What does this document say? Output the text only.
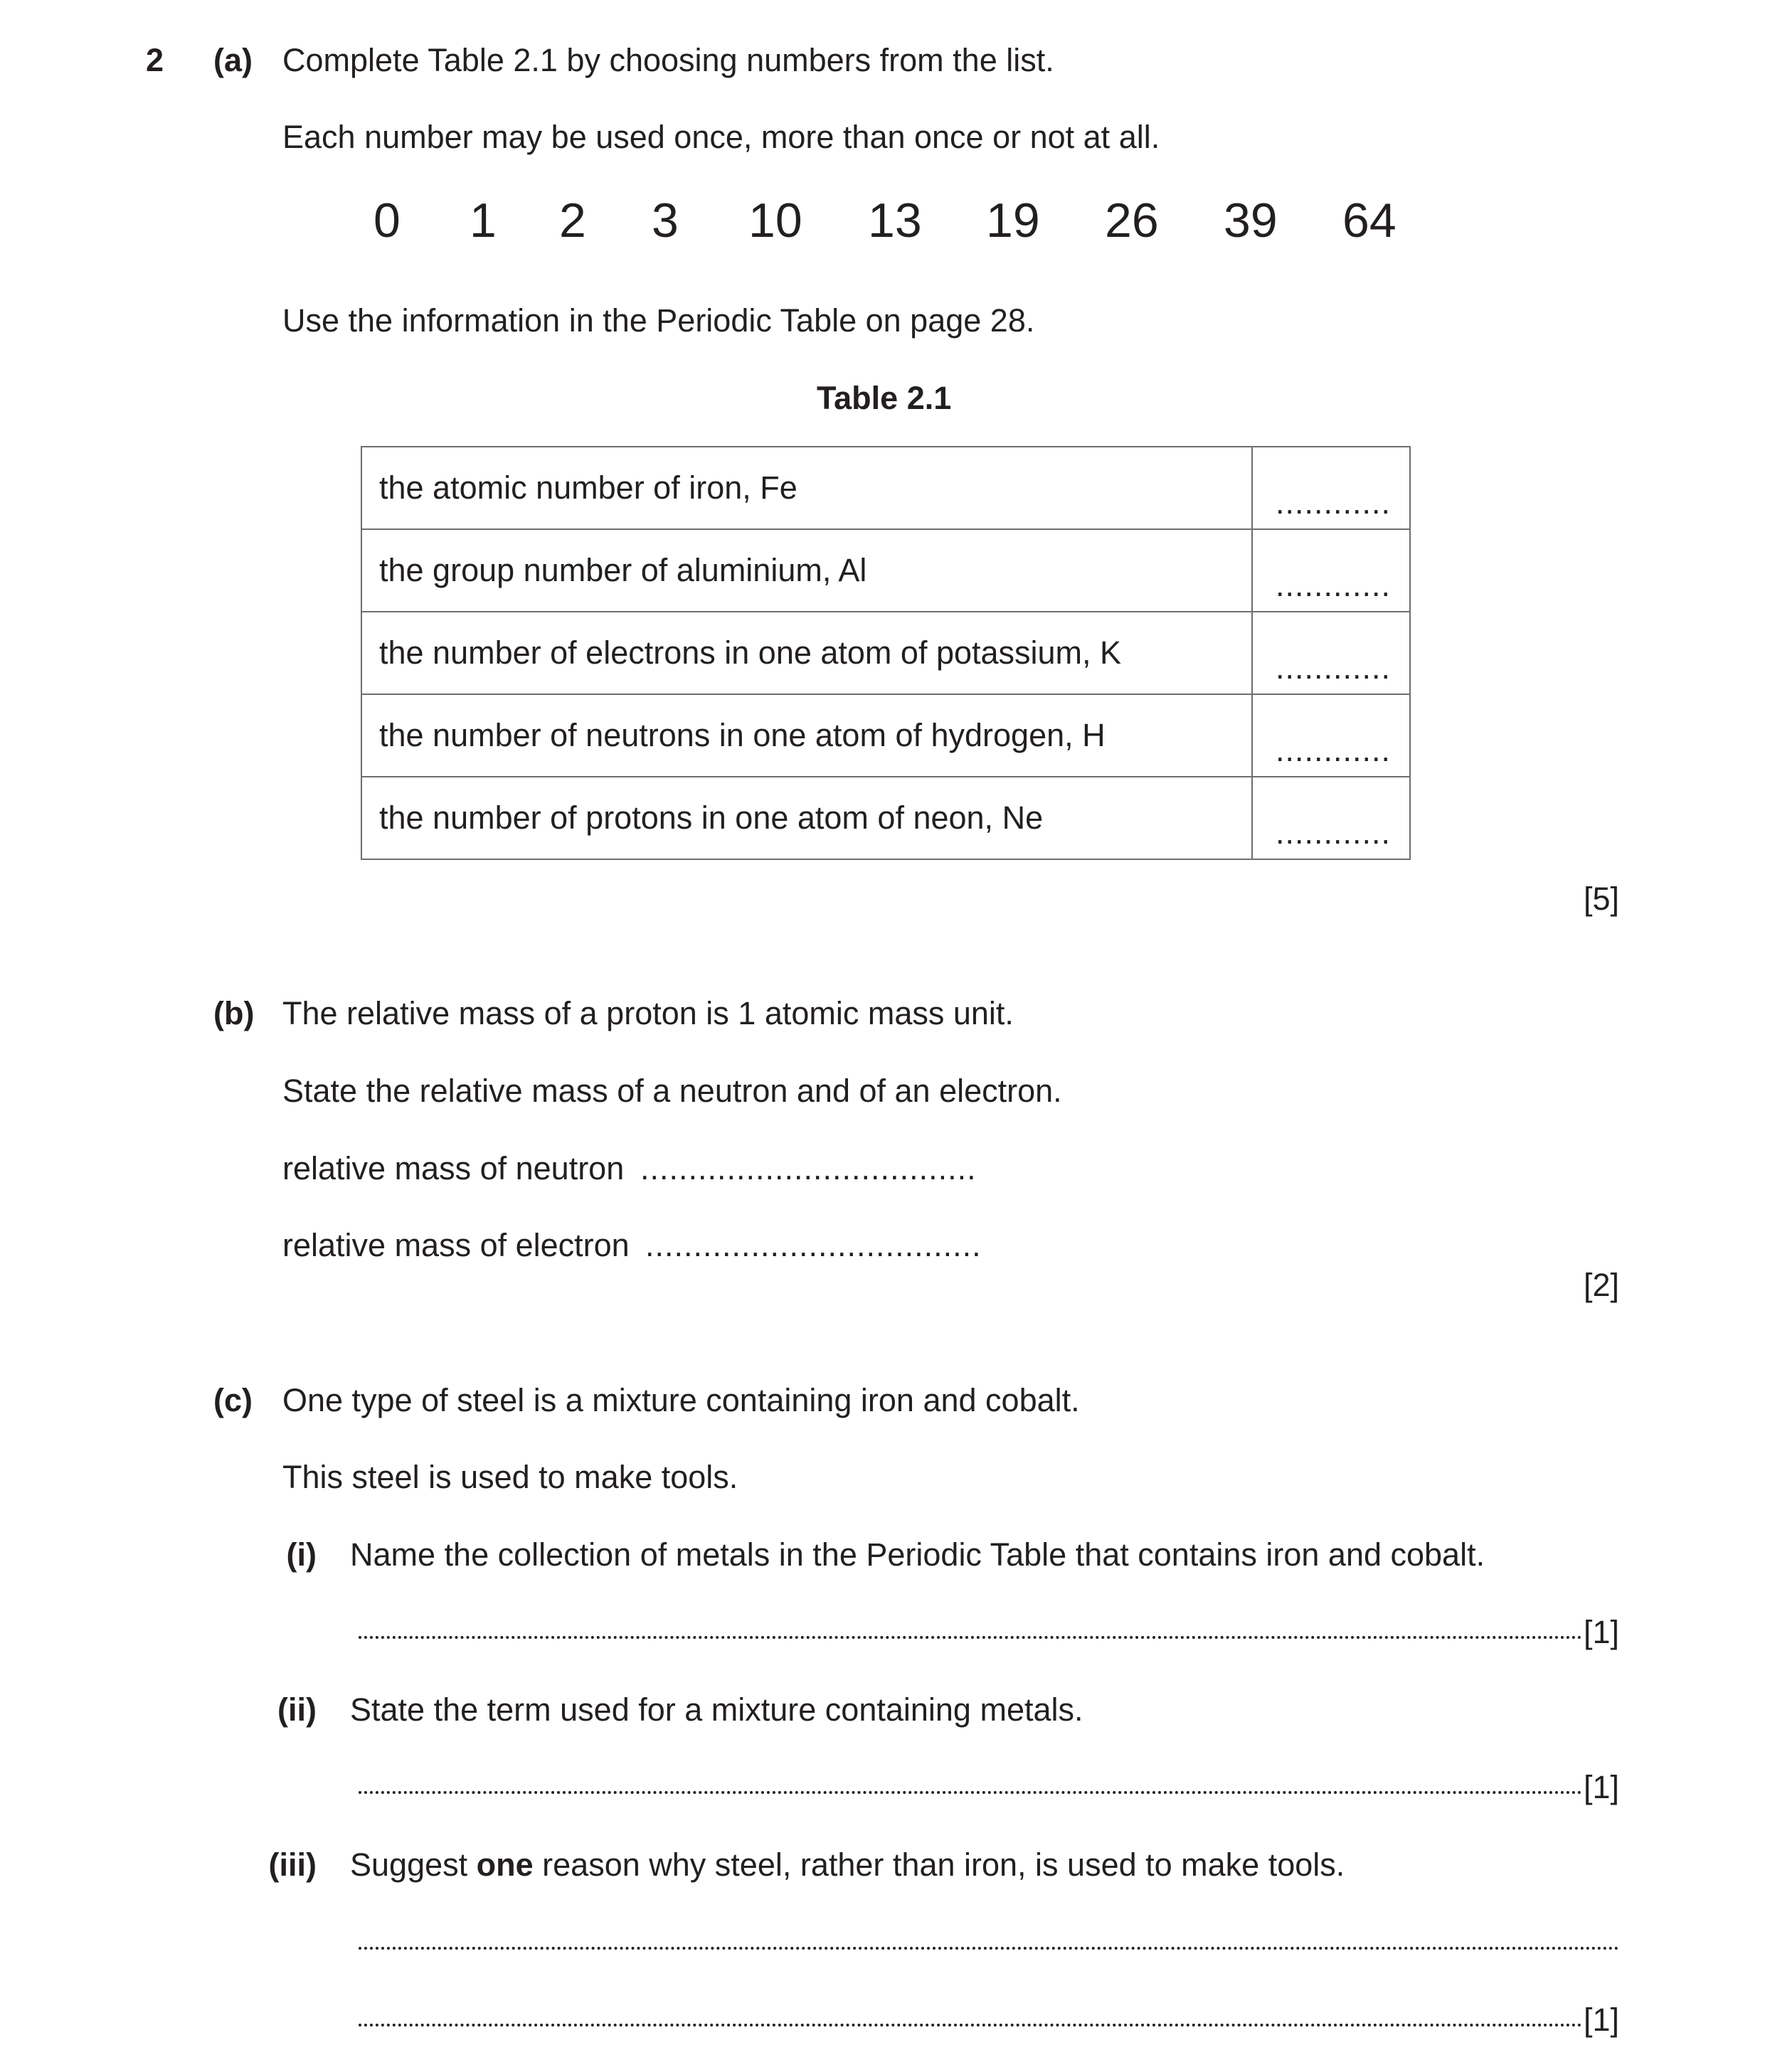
2 (a) Complete Table 2.1 by choosing numbers from the list.
Each number may be used once, more than once or not at all.
0 1 2 3 10 13 19 26 39 64
Use the information in the Periodic Table on page 28.
Table 2.1
the atomic number of iron, Fe	............

the group number of aluminium, Al	............

the number of electrons in one atom of potassium, K	............

the number of neutrons in one atom of hydrogen, H	............

the number of protons in one atom of neon, Ne	............
[5]
(b) The relative mass of a proton is 1 atomic mass unit.
State the relative mass of a neutron and of an electron.
relative mass of neutron ...................................
relative mass of electron ...................................
[2]
(c) One type of steel is a mixture containing iron and cobalt.
This steel is used to make tools.
(i) Name the collection of metals in the Periodic Table that contains iron and cobalt.
[1]
(ii) State the term used for a mixture containing metals.
[1]
(iii) Suggest one reason why steel, rather than iron, is used to make tools.
[1]
